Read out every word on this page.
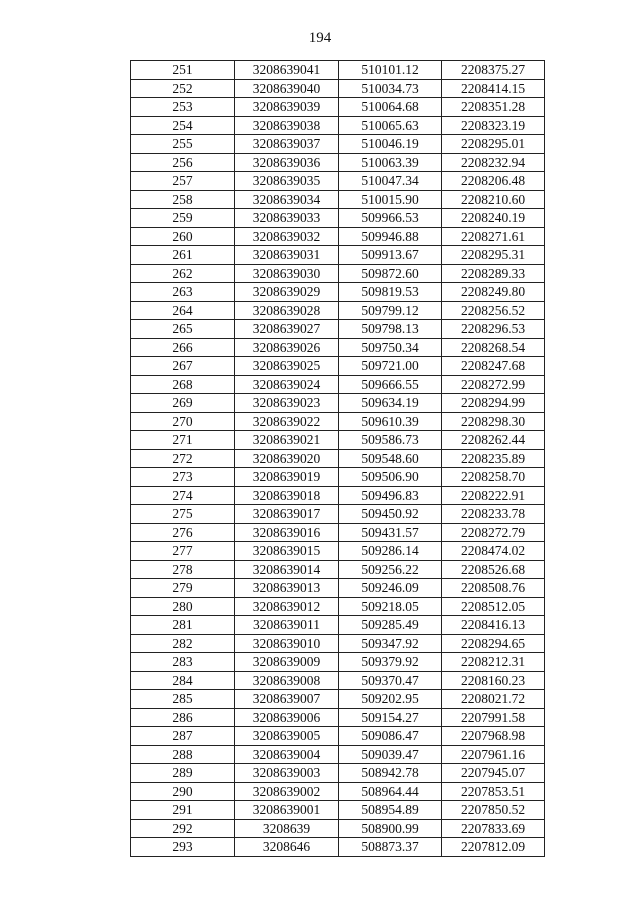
194
251	3208639041	510101.12	2208375.27
252	3208639040	510034.73	2208414.15
253	3208639039	510064.68	2208351.28
254	3208639038	510065.63	2208323.19
255	3208639037	510046.19	2208295.01
256	3208639036	510063.39	2208232.94
257	3208639035	510047.34	2208206.48
258	3208639034	510015.90	2208210.60
259	3208639033	509966.53	2208240.19
260	3208639032	509946.88	2208271.61
261	3208639031	509913.67	2208295.31
262	3208639030	509872.60	2208289.33
263	3208639029	509819.53	2208249.80
264	3208639028	509799.12	2208256.52
265	3208639027	509798.13	2208296.53
266	3208639026	509750.34	2208268.54
267	3208639025	509721.00	2208247.68
268	3208639024	509666.55	2208272.99
269	3208639023	509634.19	2208294.99
270	3208639022	509610.39	2208298.30
271	3208639021	509586.73	2208262.44
272	3208639020	509548.60	2208235.89
273	3208639019	509506.90	2208258.70
274	3208639018	509496.83	2208222.91
275	3208639017	509450.92	2208233.78
276	3208639016	509431.57	2208272.79
277	3208639015	509286.14	2208474.02
278	3208639014	509256.22	2208526.68
279	3208639013	509246.09	2208508.76
280	3208639012	509218.05	2208512.05
281	3208639011	509285.49	2208416.13
282	3208639010	509347.92	2208294.65
283	3208639009	509379.92	2208212.31
284	3208639008	509370.47	2208160.23
285	3208639007	509202.95	2208021.72
286	3208639006	509154.27	2207991.58
287	3208639005	509086.47	2207968.98
288	3208639004	509039.47	2207961.16
289	3208639003	508942.78	2207945.07
290	3208639002	508964.44	2207853.51
291	3208639001	508954.89	2207850.52
292	3208639	508900.99	2207833.69
293	3208646	508873.37	2207812.09
